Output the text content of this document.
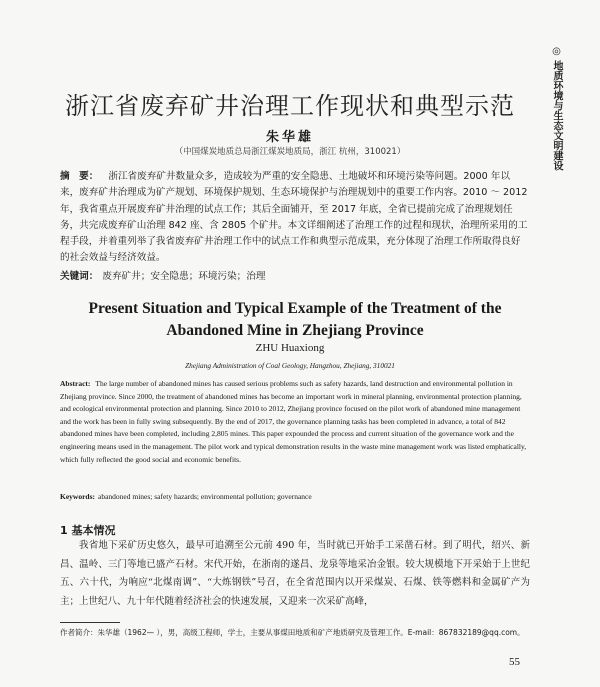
◎ 地质环境与生态文明建设
浙江省废弃矿井治理工作现状和典型示范
朱华雄
（中国煤炭地质总局浙江煤炭地质局，浙江 杭州，310021）
摘　要： 浙江省废弃矿井数量众多，造成较为严重的安全隐患、土地破坏和环境污染等问题。2000 年以来，废弃矿井治理成为矿产规划、环境保护规划、生态环境保护与治理规划中的重要工作内容。2010 ～ 2012 年，我省重点开展废弃矿井治理的试点工作；其后全面铺开，至 2017 年底，全省已提前完成了治理规划任务，共完成废弃矿山治理 842 座、含 2805 个矿井。本文详细阐述了治理工作的过程和现状，治理所采用的工程手段，并着重列举了我省废弃矿井治理工作中的试点工作和典型示范成果，充分体现了治理工作所取得良好的社会效益与经济效益。
关键词： 废弃矿井；安全隐患；环境污染；治理
Present Situation and Typical Example of the Treatment of the Abandoned Mine in Zhejiang Province
ZHU Huaxiong
Zhejiang Administration of Coal Geology, Hangzhou, Zhejiang, 310021
Abstract: The large number of abandoned mines has caused serious problems such as safety hazards, land destruction and environmental pollution in Zhejiang province. Since 2000, the treatment of abandoned mines has become an important work in mineral planning, environmental protection planning, and ecological environmental protection and planning. Since 2010 to 2012, Zhejiang province focused on the pilot work of abandoned mine management and the work has been in fully swing subsequently. By the end of 2017, the governance planning tasks has been completed in advance, a total of 842 abandoned mines have been completed, including 2,805 mines. This paper expounded the process and current situation of the governance work and the engineering means used in the management. The pilot work and typical demonstration results in the waste mine management work was listed emphatically, which fully reflected the good social and economic benefits.
Keywords: abandoned mines; safety hazards; environmental pollution; governance
1 基本情况
我省地下采矿历史悠久，最早可追溯至公元前 490 年，当时就已开始手工采凿石材。到了明代，绍兴、新昌、温岭、三门等地已盛产石材。宋代开始，在浙南的遂昌、龙泉等地采冶金银。较大规模地下开采始于上世纪五、六十代，为响应“北煤南调”、“大炼钢铁”号召，在全省范围内以开采煤炭、石煤、铁等燃料和金属矿产为主；上世纪八、九十年代随着经济社会的快速发展，又迎来一次采矿高峰，
作者简介：朱华雄（1962— ），男，高级工程师，学士，主要从事煤田地质和矿产地质研究及管理工作。E-mail：867832189@qq.com。
55
